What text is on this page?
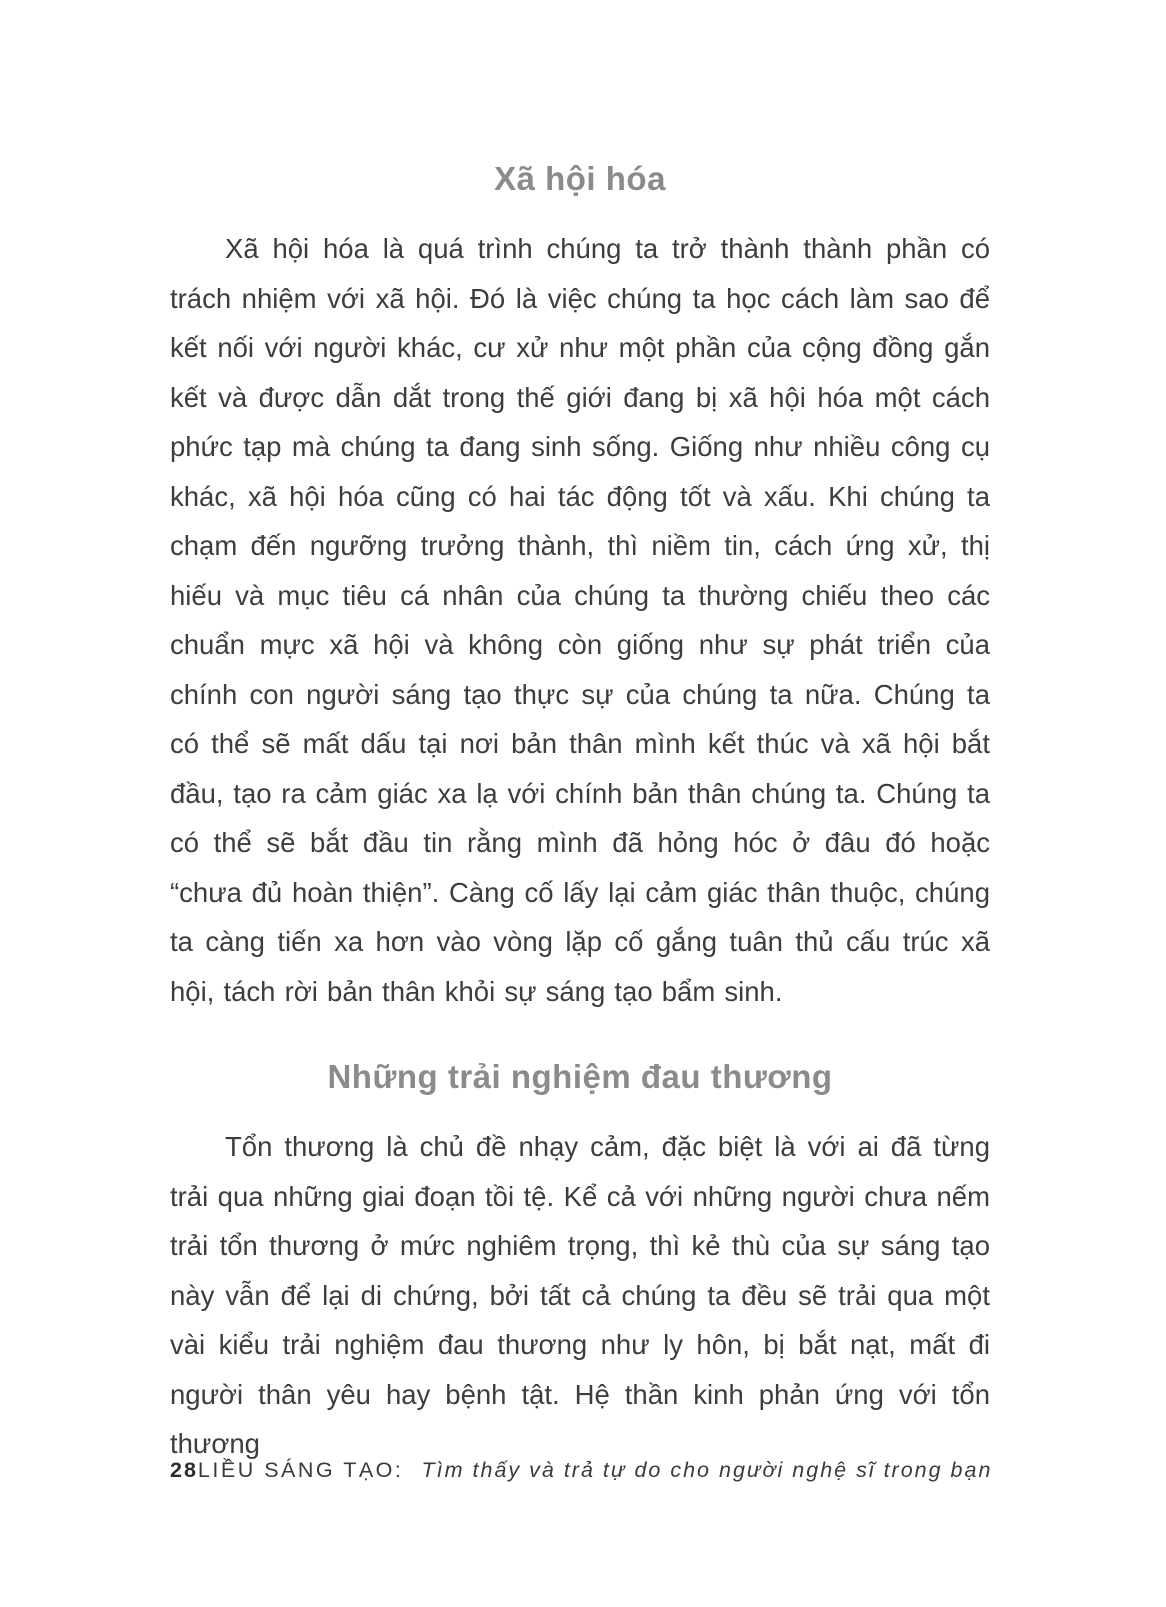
Xã hội hóa

Xã hội hóa là quá trình chúng ta trở thành thành phần có trách nhiệm với xã hội. Đó là việc chúng ta học cách làm sao để kết nối với người khác, cư xử như một phần của cộng đồng gắn kết và được dẫn dắt trong thế giới đang bị xã hội hóa một cách phức tạp mà chúng ta đang sinh sống. Giống như nhiều công cụ khác, xã hội hóa cũng có hai tác động tốt và xấu. Khi chúng ta chạm đến ngưỡng trưởng thành, thì niềm tin, cách ứng xử, thị hiếu và mục tiêu cá nhân của chúng ta thường chiếu theo các chuẩn mực xã hội và không còn giống như sự phát triển của chính con người sáng tạo thực sự của chúng ta nữa. Chúng ta có thể sẽ mất dấu tại nơi bản thân mình kết thúc và xã hội bắt đầu, tạo ra cảm giác xa lạ với chính bản thân chúng ta. Chúng ta có thể sẽ bắt đầu tin rằng mình đã hỏng hóc ở đâu đó hoặc “chưa đủ hoàn thiện”. Càng cố lấy lại cảm giác thân thuộc, chúng ta càng tiến xa hơn vào vòng lặp cố gắng tuân thủ cấu trúc xã hội, tách rời bản thân khỏi sự sáng tạo bẩm sinh.

Những trải nghiệm đau thương

Tổn thương là chủ đề nhạy cảm, đặc biệt là với ai đã từng trải qua những giai đoạn tồi tệ. Kể cả với những người chưa nếm trải tổn thương ở mức nghiêm trọng, thì kẻ thù của sự sáng tạo này vẫn để lại di chứng, bởi tất cả chúng ta đều sẽ trải qua một vài kiểu trải nghiệm đau thương như ly hôn, bị bắt nạt, mất đi người thân yêu hay bệnh tật. Hệ thần kinh phản ứng với tổn thương

28 LIỀU SÁNG TẠO: Tìm thấy và trả tự do cho người nghệ sĩ trong bạn
